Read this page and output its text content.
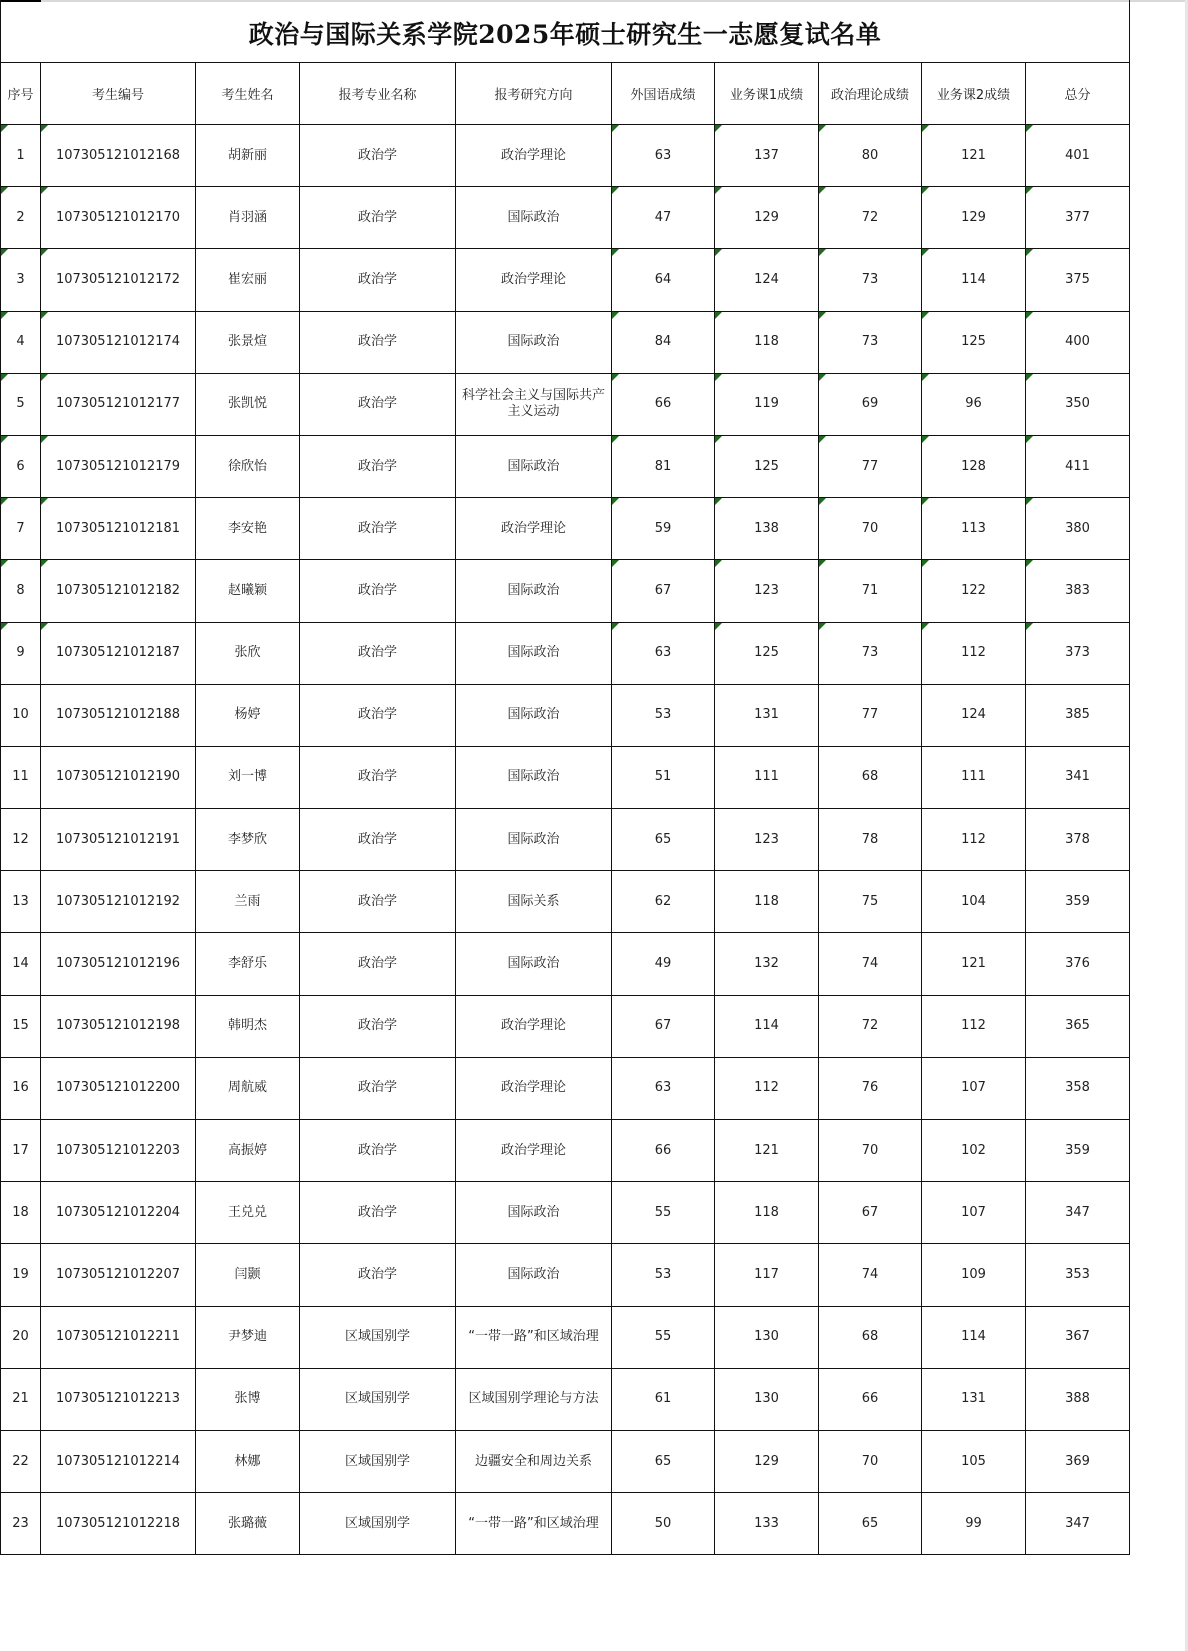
政治与国际关系学院2025年硕士研究生一志愿复试名单									
序号	考生编号	考生姓名	报考专业名称	报考研究方向	外国语成绩	业务课1成绩	政治理论成绩	业务课2成绩	总分

1	107305121012168	胡新丽	政治学	政治学理论	63	137	80	121	401

2	107305121012170	肖羽涵	政治学	国际政治	47	129	72	129	377

3	107305121012172	崔宏丽	政治学	政治学理论	64	124	73	114	375

4	107305121012174	张景煊	政治学	国际政治	84	118	73	125	400

5	107305121012177	张凯悦	政治学	科学社会主义与国际共产主义运动	66	119	69	96	350

6	107305121012179	徐欣怡	政治学	国际政治	81	125	77	128	411

7	107305121012181	李安艳	政治学	政治学理论	59	138	70	113	380

8	107305121012182	赵曦颖	政治学	国际政治	67	123	71	122	383

9	107305121012187	张欣	政治学	国际政治	63	125	73	112	373
10	107305121012188	杨婷	政治学	国际政治	53	131	77	124	385
11	107305121012190	刘一博	政治学	国际政治	51	111	68	111	341
12	107305121012191	李梦欣	政治学	国际政治	65	123	78	112	378
13	107305121012192	兰雨	政治学	国际关系	62	118	75	104	359
14	107305121012196	李舒乐	政治学	国际政治	49	132	74	121	376
15	107305121012198	韩明杰	政治学	政治学理论	67	114	72	112	365
16	107305121012200	周航威	政治学	政治学理论	63	112	76	107	358
17	107305121012203	高振婷	政治学	政治学理论	66	121	70	102	359
18	107305121012204	王兑兑	政治学	国际政治	55	118	67	107	347
19	107305121012207	闫颢	政治学	国际政治	53	117	74	109	353
20	107305121012211	尹梦迪	区域国别学	“一带一路”和区域治理	55	130	68	114	367
21	107305121012213	张博	区域国别学	区域国别学理论与方法	61	130	66	131	388
22	107305121012214	林娜	区域国别学	边疆安全和周边关系	65	129	70	105	369
23	107305121012218	张璐薇	区域国别学	“一带一路”和区域治理	50	133	65	99	347
